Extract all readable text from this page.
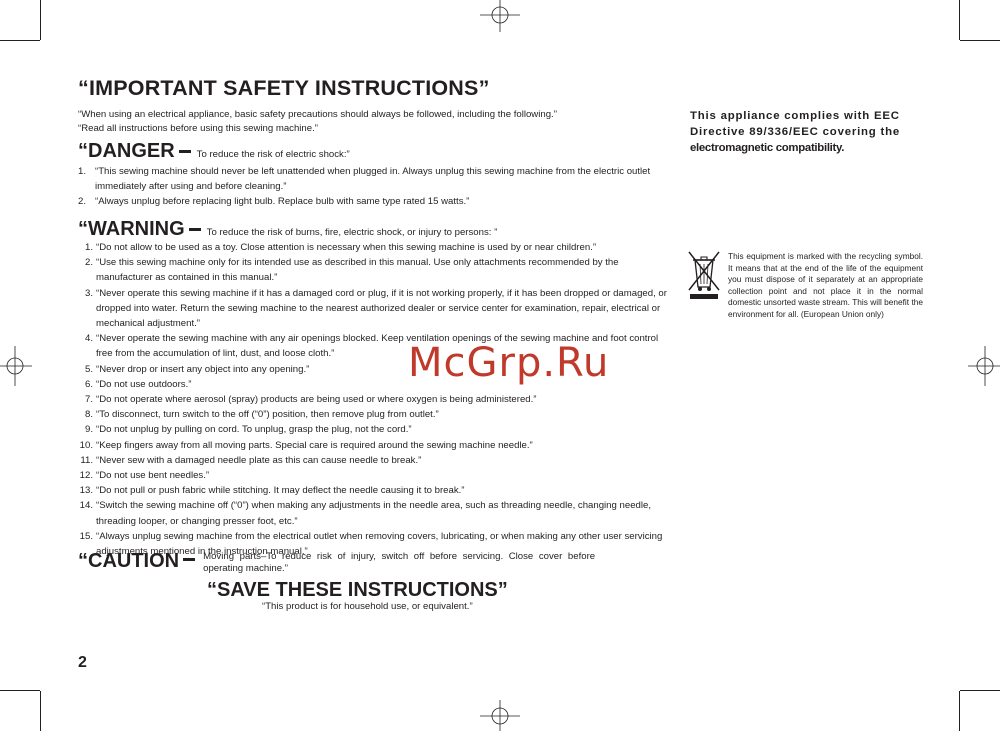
“IMPORTANT SAFETY INSTRUCTIONS”
“When using an electrical appliance, basic safety precautions should always be followed, including the following.”
“Read all instructions before using this sewing machine.”
“DANGER To reduce the risk of electric shock:”
1. “This sewing machine should never be left unattended when plugged in. Always unplug this sewing machine from the electric outlet immediately after using and before cleaning.”
2. “Always unplug before replacing light bulb. Replace bulb with same type rated 15 watts.”
“WARNING To reduce the risk of burns, fire, electric shock, or injury to persons: ”
1. “Do not allow to be used as a toy. Close attention is necessary when this sewing machine is used by or near children.”
2. “Use this sewing machine only for its intended use as described in this manual. Use only attachments recommended by the manufacturer as contained in this manual.”
3. “Never operate this sewing machine if it has a damaged cord or plug, if it is not working properly, if it has been dropped or damaged, or dropped into water. Return the sewing machine to the nearest authorized dealer or service center for examination, repair, electrical or mechanical adjustment.”
4. “Never operate the sewing machine with any air openings blocked. Keep ventilation openings of the sewing machine and foot control free from the accumulation of lint, dust, and loose cloth.”
5. “Never drop or insert any object into any opening.”
6. “Do not use outdoors.”
7. “Do not operate where aerosol (spray) products are being used or where oxygen is being administered.”
8. “To disconnect, turn switch to the off (“0”) position, then remove plug from outlet.”
9. “Do not unplug by pulling on cord. To unplug, grasp the plug, not the cord.”
10. “Keep fingers away from all moving parts. Special care is required around the sewing machine needle.”
11. “Never sew with a damaged needle plate as this can cause needle to break.”
12. “Do not use bent needles.”
13. “Do not pull or push fabric while stitching. It may deflect the needle causing it to break.”
14. “Switch the sewing machine off (“0”) when making any adjustments in the needle area, such as threading needle, changing needle, threading looper, or changing presser foot, etc.”
15. “Always unplug sewing machine from the electrical outlet when removing covers, lubricating, or when making any other user servicing adjustments mentioned in the instruction manual.”
“CAUTION	Moving parts–To reduce risk of injury, switch off before servicing. Close cover before operating machine.”
“SAVE THESE INSTRUCTIONS”
“This product is for household use, or equivalent.”
2
This appliance complies with EEC
Directive 89/336/EEC covering the
electromagnetic compatibility.
This equipment is marked with the recycling symbol. It means that at the end of the life of the equipment you must dispose of it separately at an appropriate collection point and not place it in the normal domestic unsorted waste stream. This will benefit the environment for all. (European Union only)
McGrp.Ru
